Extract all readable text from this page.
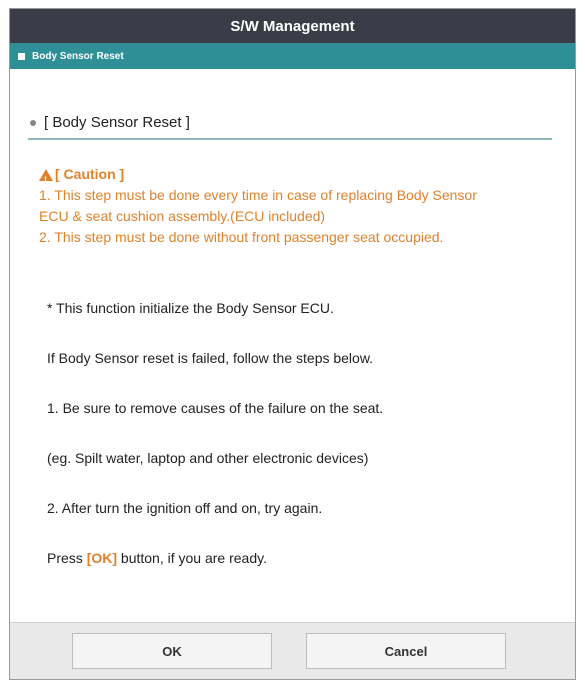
S/W Management
Body Sensor Reset
[ Body Sensor Reset ]
!
[ Caution ]
1. This step must be done every time in case of replacing Body Sensor
ECU & seat cushion assembly.(ECU included)
2. This step must be done without front passenger seat occupied.

* This function initialize the Body Sensor ECU.

If Body Sensor reset is failed, follow the steps below.

1. Be sure to remove causes of the failure on the seat.

(eg. Spilt water, laptop and other electronic devices)

2. After turn the ignition off and on, try again.

Press [OK] button, if you are ready.

OK	Cancel
